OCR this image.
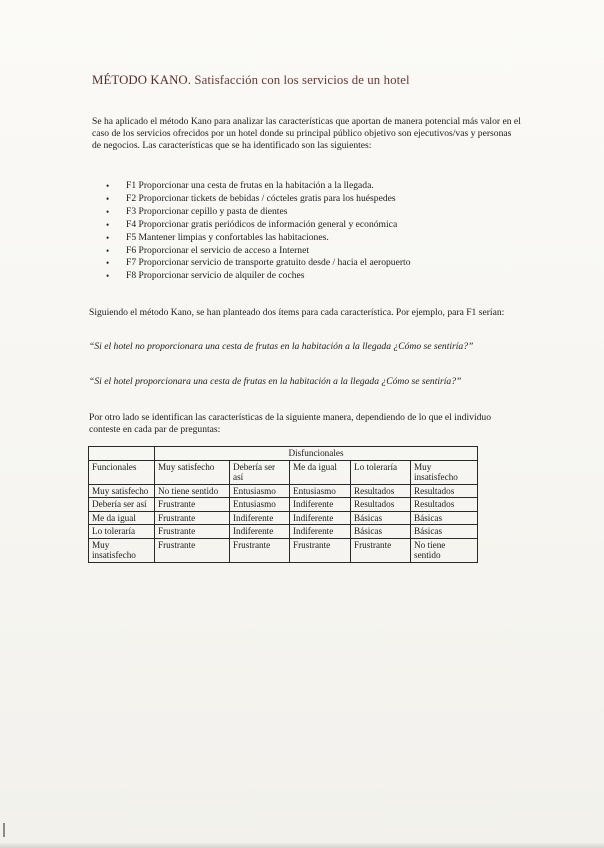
MÉTODO KANO. Satisfacción con los servicios de un hotel
Se ha aplicado el método Kano para analizar las características que aportan de manera potencial más valor en el caso de los servicios ofrecidos por un hotel donde su principal público objetivo son ejecutivos/vas y personas de negocios. Las características que se ha identificado son las siguientes:
• F1 Proporcionar una cesta de frutas en la habitación a la llegada.
• F2 Proporcionar tickets de bebidas / cócteles gratis para los huéspedes
• F3 Proporcionar cepillo y pasta de dientes
• F4 Proporcionar gratis periódicos de información general y económica
• F5 Mantener limpias y confortables las habitaciones.
• F6 Proporcionar el servicio de acceso a Internet
• F7 Proporcionar servicio de transporte gratuito desde / hacia el aeropuerto
• F8 Proporcionar servicio de alquiler de coches
Siguiendo el método Kano, se han planteado dos ítems para cada característica. Por ejemplo, para F1 serían:
“Si el hotel no proporcionara una cesta de frutas en la habitación a la llegada ¿Cómo se sentiría?”
“Si el hotel proporcionara una cesta de frutas en la habitación a la llegada ¿Cómo se sentiría?”
Por otro lado se identifican las características de la siguiente manera, dependiendo de lo que el individuo conteste en cada par de preguntas:
	Disfuncionales				
Funcionales	Muy satisfecho	Debería ser así	Me da igual	Lo toleraría	Muy insatisfecho
Muy satisfecho	No tiene sentido	Entusiasmo	Entusiasmo	Resultados	Resultados
Debería ser así	Frustrante	Entusiasmo	Indiferente	Resultados	Resultados
Me da igual	Frustrante	Indiferente	Indiferente	Básicas	Básicas
Lo toleraría	Frustrante	Indiferente	Indiferente	Básicas	Básicas
Muy insatisfecho	Frustrante	Frustrante	Frustrante	Frustrante	No tiene sentido
